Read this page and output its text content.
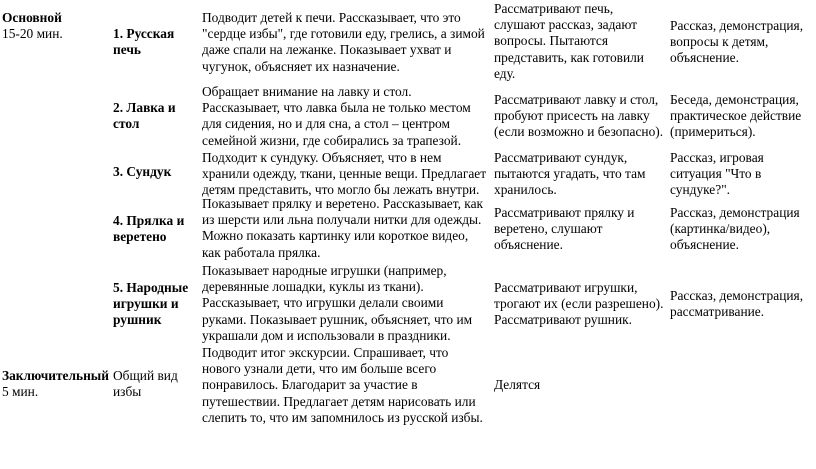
Основной
15-20 мин.	1. Русская
печь
Подводит детей к печи. Рассказывает, что это
"сердце избы", где готовили еду, грелись, а зимой
даже спали на лежанке. Показывает ухват и
чугунок, объясняет их назначение.
Рассматривают печь,
слушают рассказ, задают
вопросы. Пытаются
представить, как готовили
еду.
Рассказ, демонстрация,
вопросы к детям,
объяснение.
2. Лавка и
стол
Обращает внимание на лавку и стол.
Рассказывает, что лавка была не только местом
для сидения, но и для сна, а стол – центром
семейной жизни, где собирались за трапезой.
Рассматривают лавку и стол,
пробуют присесть на лавку
(если возможно и безопасно).
Беседа, демонстрация,
практическое действие
(примериться).
3. Сундук
Подходит к сундуку. Объясняет, что в нем
хранили одежду, ткани, ценные вещи. Предлагает
детям представить, что могло бы лежать внутри.
Рассматривают сундук,
пытаются угадать, что там
хранилось.
Рассказ, игровая
ситуация "Что в
сундуке?".
4. Прялка и
веретено
Показывает прялку и веретено. Рассказывает, как
из шерсти или льна получали нитки для одежды.
Можно показать картинку или короткое видео,
как работала прялка.
Рассматривают прялку и
веретено, слушают
объяснение.
Рассказ, демонстрация
(картинка/видео),
объяснение.
5. Народные
игрушки и
рушник
Показывает народные игрушки (например,
деревянные лошадки, куклы из ткани).
Рассказывает, что игрушки делали своими
руками. Показывает рушник, объясняет, что им
украшали дом и использовали в праздники.
Рассматривают игрушки,
трогают их (если разрешено).
Рассматривают рушник.
Рассказ, демонстрация,
рассматривание.
Заключительный
5 мин.
Общий вид
избы
Подводит итог экскурсии. Спрашивает, что
нового узнали дети, что им больше всего
понравилось. Благодарит за участие в
путешествии. Предлагает детям нарисовать или
слепить то, что им запомнилось из русской избы.
Делятся
